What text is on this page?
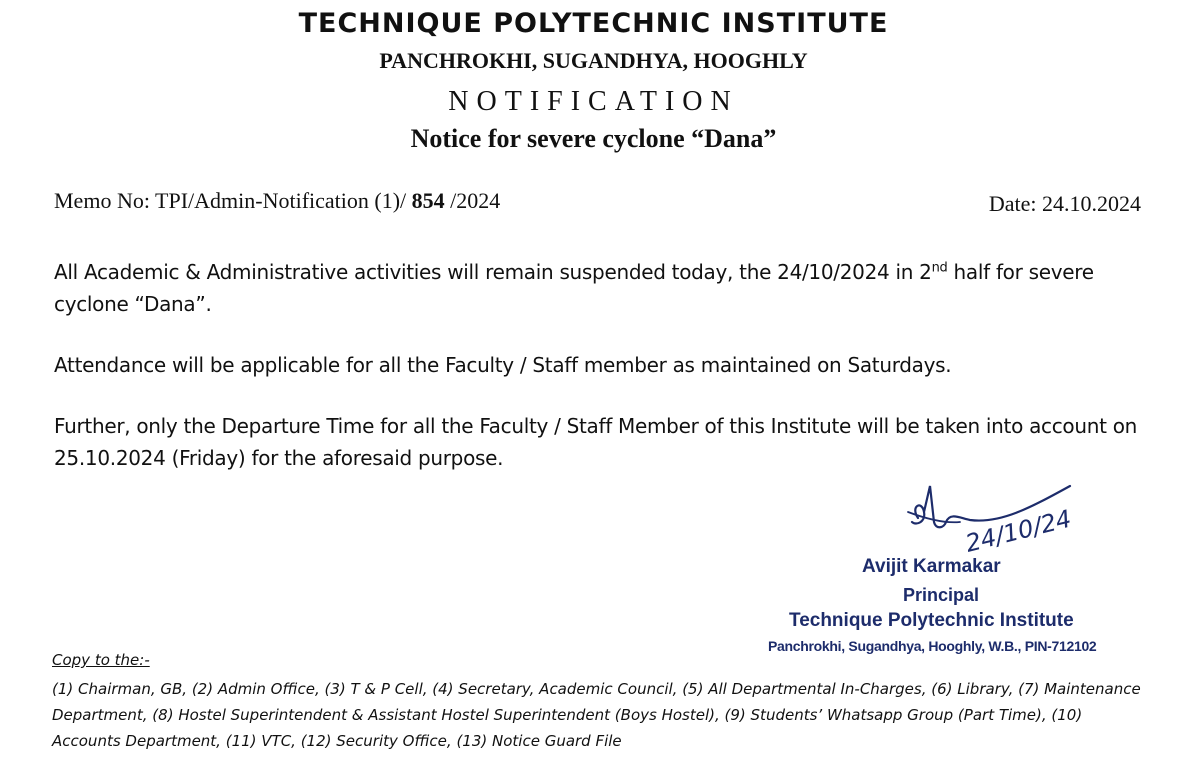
TECHNIQUE POLYTECHNIC INSTITUTE
PANCHROKHI, SUGANDHYA, HOOGHLY
NOTIFICATION
Notice for severe cyclone “Dana”
Memo No: TPI/Admin-Notification (1)/ 854 /2024	Date: 24.10.2024
All Academic & Administrative activities will remain suspended today, the 24/10/2024 in 2nd half for severe cyclone “Dana”.
Attendance will be applicable for all the Faculty / Staff member as maintained on Saturdays.
Further, only the Departure Time for all the Faculty / Staff Member of this Institute will be taken into account on 25.10.2024 (Friday) for the aforesaid purpose.
24/10/24
Avijit Karmakar
Principal
Technique Polytechnic Institute
Panchrokhi, Sugandhya, Hooghly, W.B., PIN-712102
Copy to the:-
(1) Chairman, GB, (2) Admin Office, (3) T & P Cell, (4) Secretary, Academic Council, (5) All Departmental In-Charges, (6) Library, (7) Maintenance Department, (8) Hostel Superintendent & Assistant Hostel Superintendent (Boys Hostel), (9) Students’ Whatsapp Group (Part Time), (10) Accounts Department, (11) VTC, (12) Security Office, (13) Notice Guard File
